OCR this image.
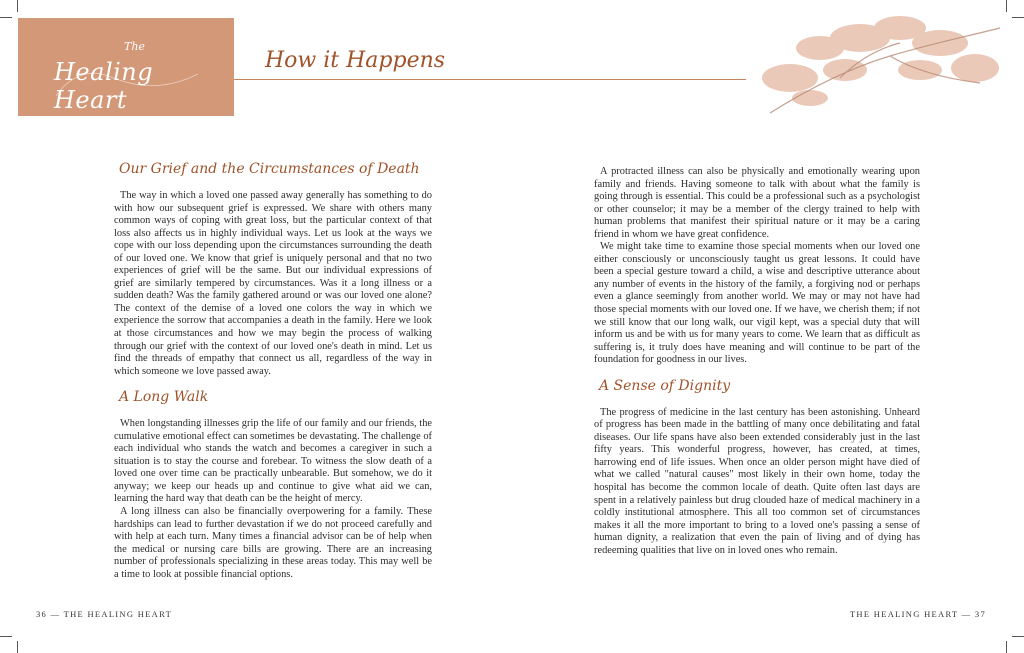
The
Healing Heart
How it Happens
Our Grief and the Circumstances of Death

The way in which a loved one passed away generally has something to do with how our subsequent grief is expressed. We share with others many common ways of coping with great loss, but the particular context of that loss also affects us in highly individual ways. Let us look at the ways we cope with our loss depending upon the circumstances surrounding the death of our loved one. We know that grief is uniquely personal and that no two experiences of grief will be the same. But our individual expressions of grief are similarly tempered by circumstances. Was it a long illness or a sudden death? Was the family gathered around or was our loved one alone? The context of the demise of a loved one colors the way in which we experience the sorrow that accompanies a death in the family. Here we look at those circumstances and how we may begin the process of walking through our grief with the context of our loved one's death in mind. Let us find the threads of empathy that connect us all, regardless of the way in which someone we love passed away.

A Long Walk

When longstanding illnesses grip the life of our family and our friends, the cumulative emotional effect can sometimes be devastating. The challenge of each individual who stands the watch and becomes a caregiver in such a situation is to stay the course and forebear. To witness the slow death of a loved one over time can be practically unbearable. But somehow, we do it anyway; we keep our heads up and continue to give what aid we can, learning the hard way that death can be the height of mercy.

A long illness can also be financially overpowering for a family. These hardships can lead to further devastation if we do not proceed carefully and with help at each turn. Many times a financial advisor can be of help when the medical or nursing care bills are growing. There are an increasing number of professionals specializing in these areas today. This may well be a time to look at possible financial options.

A protracted illness can also be physically and emotionally wearing upon family and friends. Having someone to talk with about what the family is going through is essential. This could be a professional such as a psychologist or other counselor; it may be a member of the clergy trained to help with human problems that manifest their spiritual nature or it may be a caring friend in whom we have great confidence.

We might take time to examine those special moments when our loved one either consciously or unconsciously taught us great lessons. It could have been a special gesture toward a child, a wise and descriptive utterance about any number of events in the history of the family, a forgiving nod or perhaps even a glance seemingly from another world. We may or may not have had those special moments with our loved one. If we have, we cherish them; if not we still know that our long walk, our vigil kept, was a special duty that will inform us and be with us for many years to come. We learn that as difficult as suffering is, it truly does have meaning and will continue to be part of the foundation for goodness in our lives.

A Sense of Dignity

The progress of medicine in the last century has been astonishing. Unheard of progress has been made in the battling of many once debilitating and fatal diseases. Our life spans have also been extended considerably just in the last fifty years. This wonderful progress, however, has created, at times, harrowing end of life issues. When once an older person might have died of what we called "natural causes" most likely in their own home, today the hospital has become the common locale of death. Quite often last days are spent in a relatively painless but drug clouded haze of medical machinery in a coldly institutional atmosphere. This all too common set of circumstances makes it all the more important to bring to a loved one's passing a sense of human dignity, a realization that even the pain of living and of dying has redeeming qualities that live on in loved ones who remain.

36 — THE HEALING HEART	THE HEALING HEART — 37
